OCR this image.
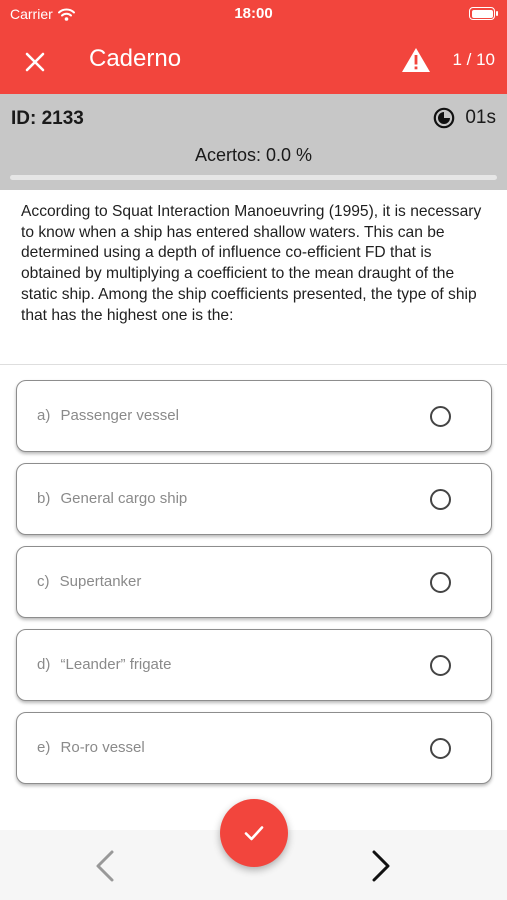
Carrier	18:00
Caderno	1 / 10
ID: 2133	01s
Acertos: 0.0 %
According to Squat Interaction Manoeuvring (1995), it is necessary to know when a ship has entered shallow waters. This can be determined using a depth of influence co-efficient FD that is obtained by multiplying a coefficient to the mean draught of the static ship. Among the ship coefficients presented, the type of ship that has the highest one is the:
a) Passenger vessel
b) General cargo ship
c) Supertanker
d) “Leander” frigate
e) Ro-ro vessel
